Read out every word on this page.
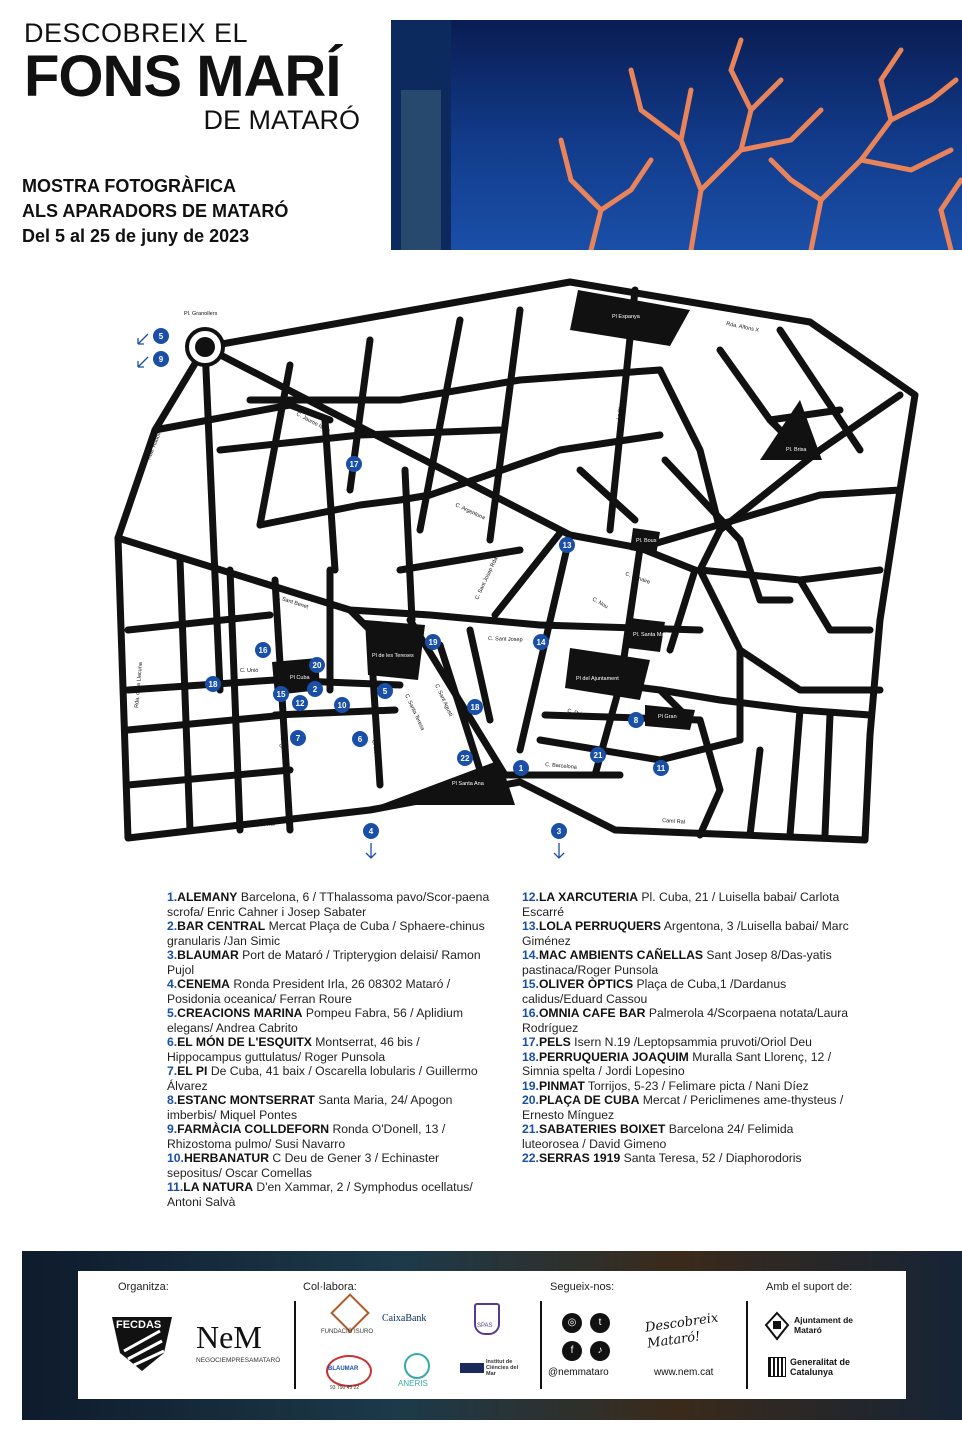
DESCOBREIX EL
FONS MARÍ
DE MATARÓ
MOSTRA FOTOGRÀFICA
ALS APARADORS DE MATARÓ
Del 5 al 25 de juny de 2023
Pl Espanya
Pl. Brisa
Pl de les Tereses
Pl Cuba	Pl del Ajuntament
Pl Gran
Pl Santa Ana
Pl. Bous
Pl. Santa Maria
Pl. Granollers
Rda. Alfons X
C. Jaume Isern
Rda. Rudolf
C. Argentona
La Riera
C. Bonaire
C. Nou
C. Sant Benet
C. Sant Josep
C. Unió
C. Cuba
C. Montserrat
C. Santa Teresa C. Sant Agustí	C. Pujol
C. Barcelona
Camí Ral	Camí Ral
C. Sant Josep Rda
Rda. de la Llacuna
17
13
19	14
16
20
18
2
15
12
5
10	18
8
7	6
21
22
1	11
5
9
4	3

1.ALEMANY Barcelona, 6 / TThalassoma pavo/Scor-paena scrofa/ Enric Cahner i Josep Sabater

2.BAR CENTRAL Mercat Plaça de Cuba / Sphaere-chinus granularis /Jan Simic

3.BLAUMAR Port de Mataró / Tripterygion delaisi/ Ramon Pujol

4.CENEMA Ronda President Irla, 26 08302 Mataró / Posidonia oceanica/ Ferran Roure

5.CREACIONS MARINA Pompeu Fabra, 56 / Aplidium elegans/ Andrea Cabrito

6.EL MÓN DE L'ESQUITX Montserrat, 46 bis / Hippocampus guttulatus/ Roger Punsola

7.EL PI De Cuba, 41 baix / Oscarella lobularis / Guillermo Álvarez

8.ESTANC MONTSERRAT Santa Maria, 24/ Apogon imberbis/ Miquel Pontes

9.FARMÀCIA COLLDEFORN Ronda O'Donell, 13 / Rhizostoma pulmo/ Susi Navarro

10.HERBANATUR C Deu de Gener 3 / Echinaster sepositus/ Oscar Comellas

11.LA NATURA D'en Xammar, 2 / Symphodus ocellatus/ Antoni Salvà

12.LA XARCUTERIA Pl. Cuba, 21 / Luisella babai/ Carlota Escarré

13.LOLA PERRUQUERS Argentona, 3 /Luisella babai/ Marc Giménez

14.MAC AMBIENTS CAÑELLAS Sant Josep 8/Das-yatis pastinaca/Roger Punsola

15.OLIVER ÒPTICS Plaça de Cuba,1 /Dardanus calidus/Eduard Cassou

16.OMNIA CAFE BAR Palmerola 4/Scorpaena notata/Laura Rodríguez

17.PELS Isern N.19 /Leptopsammia pruvoti/Oriol Deu

18.PERRUQUERIA JOAQUIM Muralla Sant Llorenç, 12 / Simnia spelta / Jordi Lopesino

19.PINMAT Torrijos, 5-23 / Felimare picta / Nani Díez

20.PLAÇA DE CUBA Mercat / Periclimenes ame-thysteus / Ernesto Mínguez

21.SABATERIES BOIXET Barcelona 24/ Felimida luteorosea / David Gimeno

22.SERRAS 1919 Santa Teresa, 52 / Diaphorodoris

Organitza:	Col·labora:	Segueix-nos:	Amb el suport de:
FECDAS NeM
NEGOCIEMPRESAMATARÓ
FUNDACIÓ ISURO
CaixaBank
SPAS
BLAUMAR
93 790 45 22	ANERIS
Institut de Ciències del Mar
◎	t
f	♪
@nemmataro
Descobreix Mataró!
www.nem.cat
Ajuntament de Mataró
Generalitat de Catalunya
